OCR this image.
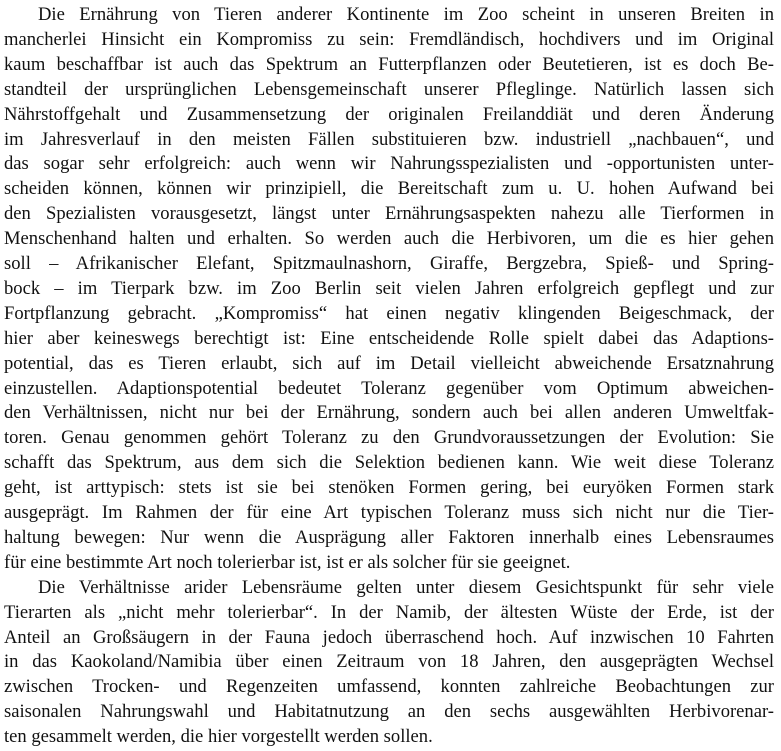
Die Ernährung von Tieren anderer Kontinente im Zoo scheint in unseren Breiten in
mancherlei Hinsicht ein Kompromiss zu sein: Fremdländisch, hochdivers und im Original
kaum beschaffbar ist auch das Spektrum an Futterpflanzen oder Beutetieren, ist es doch Be-
standteil der ursprünglichen Lebensgemeinschaft unserer Pfleglinge. Natürlich lassen sich
Nährstoffgehalt und Zusammensetzung der originalen Freilanddiät und deren Änderung
im Jahresverlauf in den meisten Fällen substituieren bzw. industriell „nachbauen“, und
das sogar sehr erfolgreich: auch wenn wir Nahrungsspezialisten und -opportunisten unter-
scheiden können, können wir prinzipiell, die Bereitschaft zum u. U. hohen Aufwand bei
den Spezialisten vorausgesetzt, längst unter Ernährungsaspekten nahezu alle Tierformen in
Menschenhand halten und erhalten. So werden auch die Herbivoren, um die es hier gehen
soll – Afrikanischer Elefant, Spitzmaulnashorn, Giraffe, Bergzebra, Spieß- und Spring-
bock – im Tierpark bzw. im Zoo Berlin seit vielen Jahren erfolgreich gepflegt und zur
Fortpflanzung gebracht. „Kompromiss“ hat einen negativ klingenden Beigeschmack, der
hier aber keineswegs berechtigt ist: Eine entscheidende Rolle spielt dabei das Adaptions-
potential, das es Tieren erlaubt, sich auf im Detail vielleicht abweichende Ersatznahrung
einzustellen. Adaptionspotential bedeutet Toleranz gegenüber vom Optimum abweichen-
den Verhältnissen, nicht nur bei der Ernährung, sondern auch bei allen anderen Umweltfak-
toren. Genau genommen gehört Toleranz zu den Grundvoraussetzungen der Evolution: Sie
schafft das Spektrum, aus dem sich die Selektion bedienen kann. Wie weit diese Toleranz
geht, ist arttypisch: stets ist sie bei stenöken Formen gering, bei euryöken Formen stark
ausgeprägt. Im Rahmen der für eine Art typischen Toleranz muss sich nicht nur die Tier-
haltung bewegen: Nur wenn die Ausprägung aller Faktoren innerhalb eines Lebensraumes
für eine bestimmte Art noch tolerierbar ist, ist er als solcher für sie geeignet.
Die Verhältnisse arider Lebensräume gelten unter diesem Gesichtspunkt für sehr viele
Tierarten als „nicht mehr tolerierbar“. In der Namib, der ältesten Wüste der Erde, ist der
Anteil an Großsäugern in der Fauna jedoch überraschend hoch. Auf inzwischen 10 Fahrten
in das Kaokoland/Namibia über einen Zeitraum von 18 Jahren, den ausgeprägten Wechsel
zwischen Trocken- und Regenzeiten umfassend, konnten zahlreiche Beobachtungen zur
saisonalen Nahrungswahl und Habitatnutzung an den sechs ausgewählten Herbivorenar-
ten gesammelt werden, die hier vorgestellt werden sollen.
